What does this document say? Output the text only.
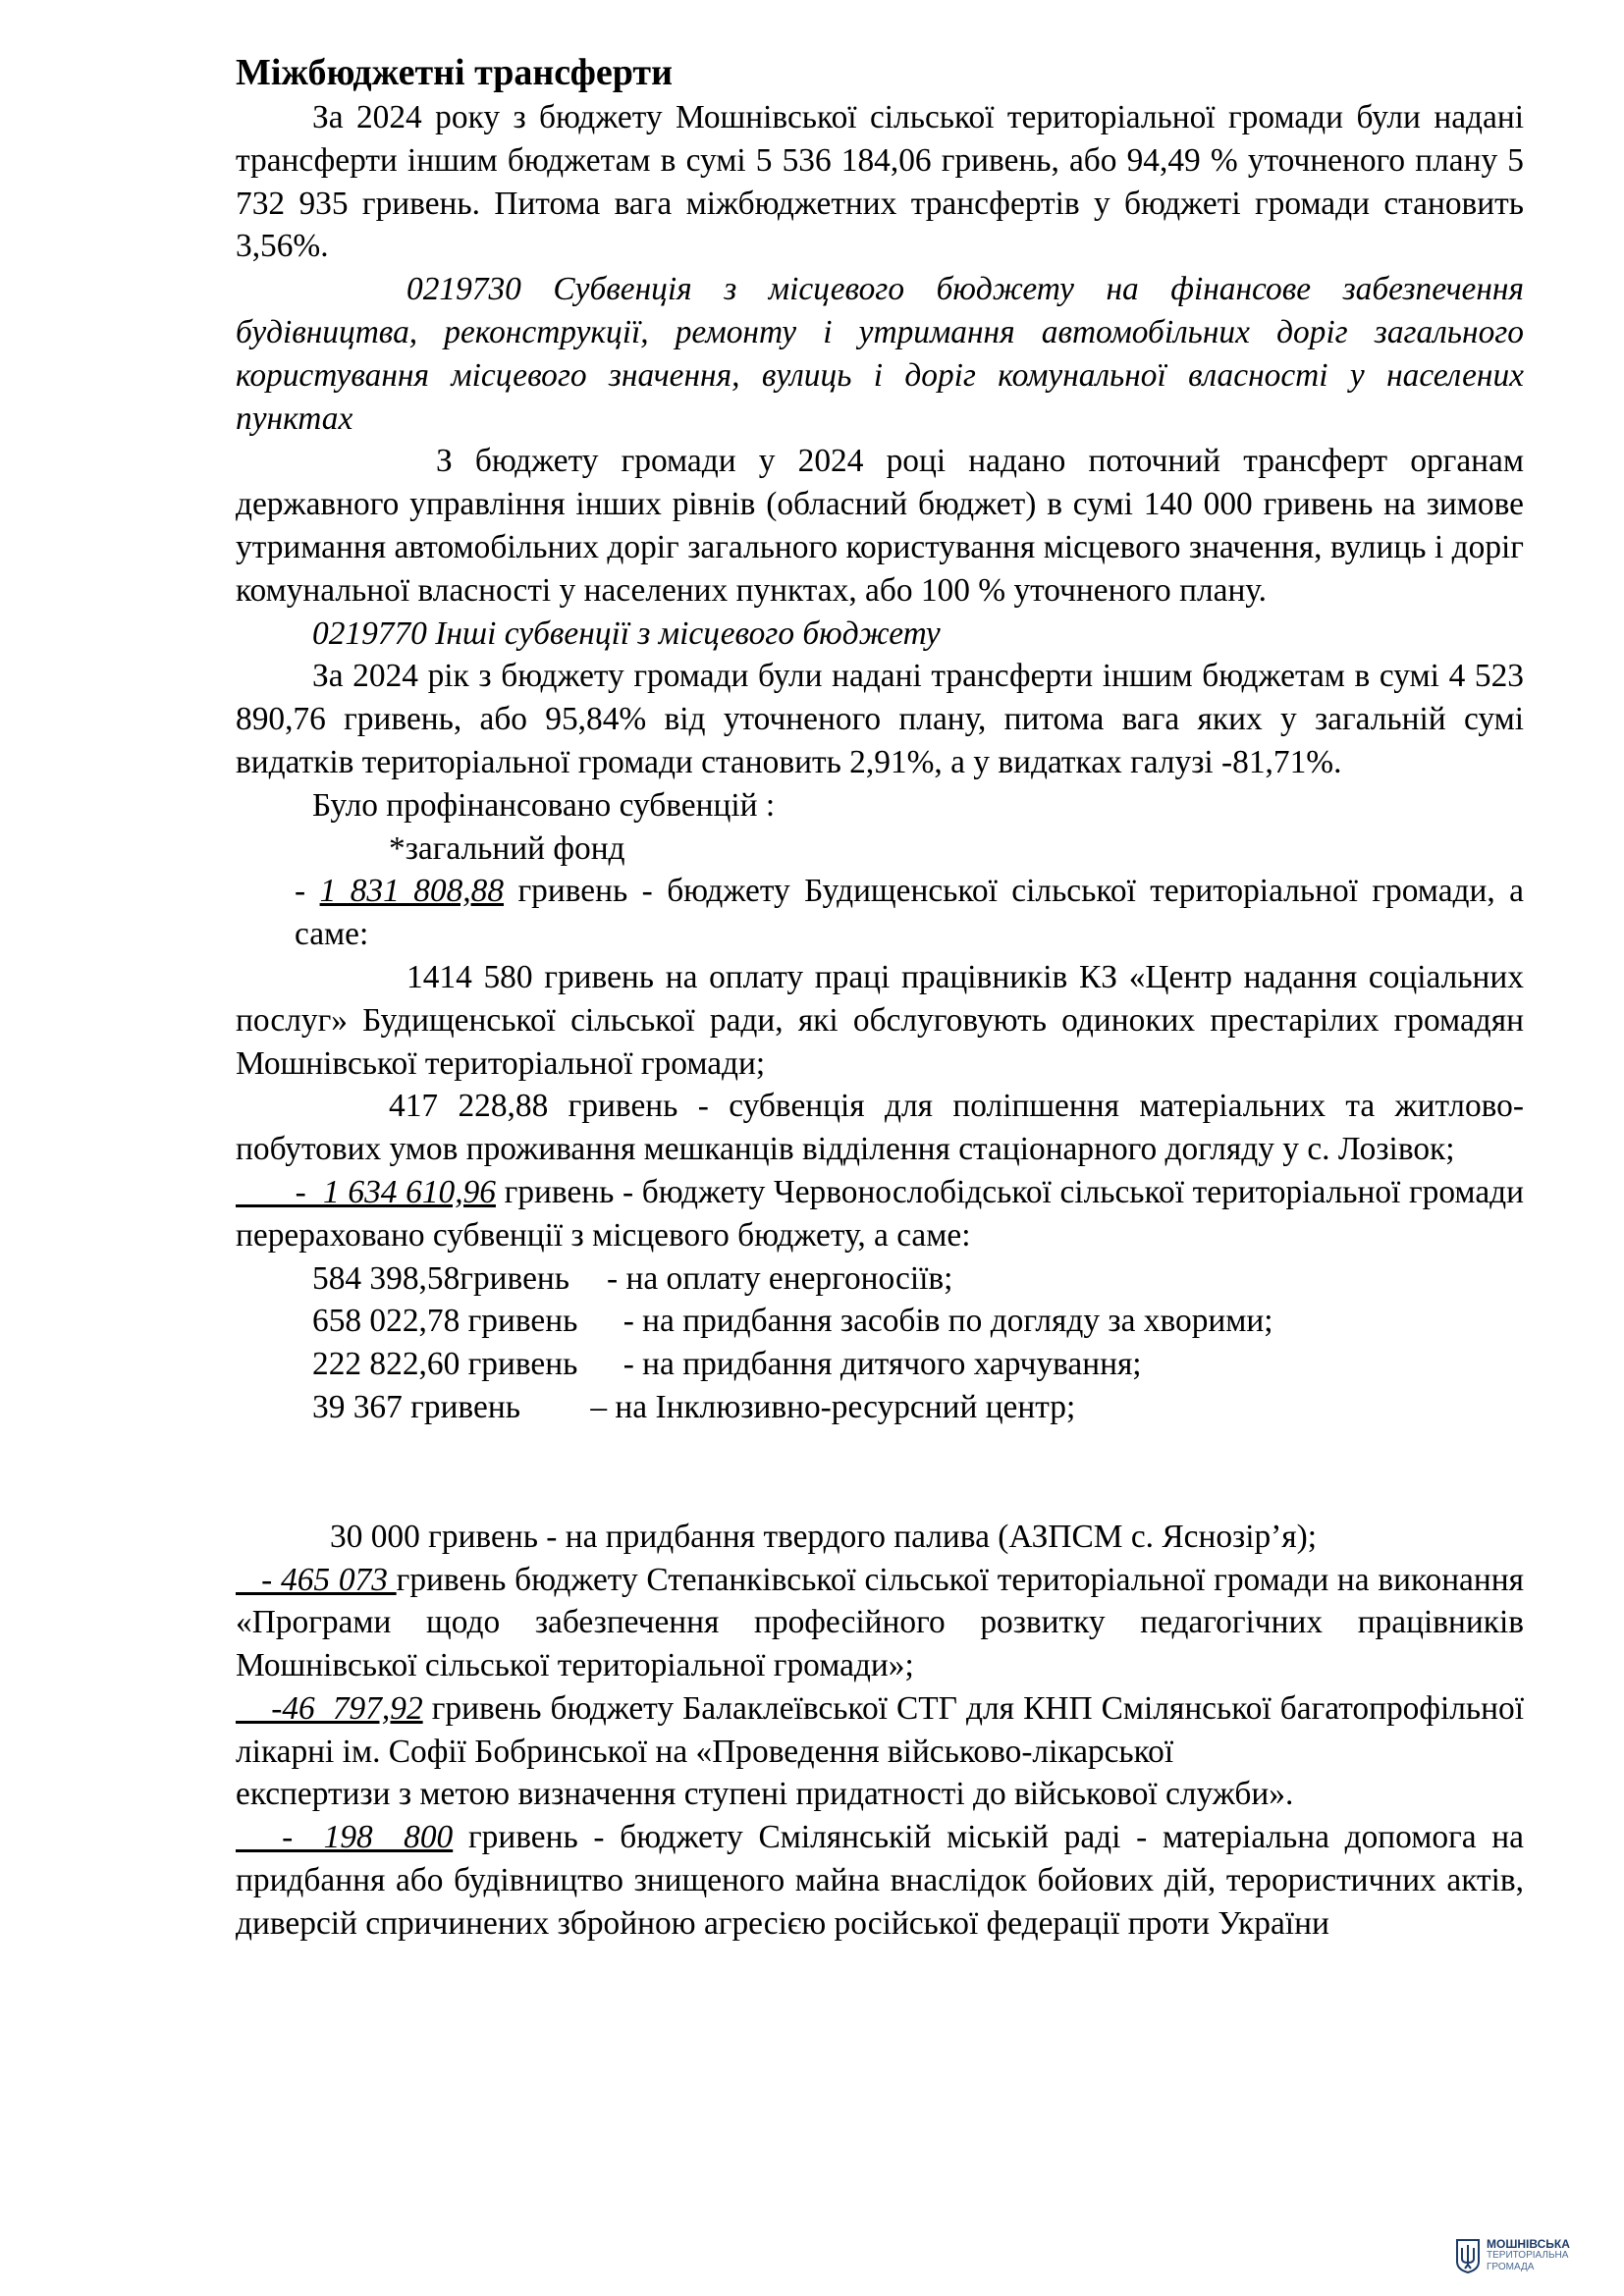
Міжбюджетні трансферти

За 2024 року з бюджету Мошнівської сільської територіальної громади були надані трансферти іншим бюджетам в сумі 5 536 184,06 гривень, або 94,49 % уточненого плану 5 732 935 гривень. Питома вага міжбюджетних трансфертів у бюджеті громади становить 3,56%.

0219730 Субвенція з місцевого бюджету на фінансове забезпечення будівництва, реконструкції, ремонту і утримання автомобільних доріг загального користування місцевого значення, вулиць і доріг комунальної власності у населених пунктах

З бюджету громади у 2024 році надано поточний трансферт органам державного управління інших рівнів (обласний бюджет) в сумі 140 000 гривень на зимове утримання автомобільних доріг загального користування місцевого значення, вулиць і доріг комунальної власності у населених пунктах, або 100 % уточненого плану.

0219770 Інші субвенції з місцевого бюджету

За 2024 рік з бюджету громади були надані трансферти іншим бюджетам в сумі 4 523 890,76 гривень, або 95,84% від уточненого плану, питома вага яких у загальній сумі видатків територіальної громади становить 2,91%, а у видатках галузі -81,71%.

Було профінансовано субвенцій :

*загальний фонд

- 1 831 808,88 гривень - бюджету Будищенської сільської територіальної громади, а саме:

1414 580 гривень на оплату праці працівників КЗ «Центр надання соціальних послуг» Будищенської сільської ради, які обслуговують одиноких престарілих громадян Мошнівської територіальної громади;

417 228,88 гривень - субвенція для поліпшення матеріальних та житлово-побутових умов проживання мешканців відділення стаціонарного догляду у с. Лозівок;

-  1 634 610,96 гривень - бюджету Червонослобідської сільської територіальної громади перераховано субвенції з місцевого бюджету, а саме:

584 398,58гривень	- на оплату енергоносіїв;
658 022,78 гривень - на придбання засобів по догляду за хворими;
222 822,60 гривень - на придбання дитячого харчування;
39 367 гривень	– на Інклюзивно-ресурсний центр;

30 000 гривень - на придбання твердого палива (АЗПСМ с. Яснозір’я);

- 465 073 гривень бюджету Степанківської сільської територіальної громади на виконання «Програми щодо забезпечення професійного розвитку педагогічних працівників Мошнівської сільської територіальної громади»;

-46  797,92 гривень бюджету Балаклеївської СТГ для КНП Смілянської багатопрофільної лікарні ім. Софії Бобринської на «Проведення військово-лікарської

експертизи з метою визначення ступені придатності до військової служби».

-  198  800 гривень - бюджету Смілянській міській раді - матеріальна допомога на придбання або будівництво знищеного майна внаслідок бойових дій, терористичних актів, диверсій спричинених збройною агресією російської федерації проти України

МОШНІВСЬКА
ТЕРИТОРІАЛЬНА
ГРОМАДА
